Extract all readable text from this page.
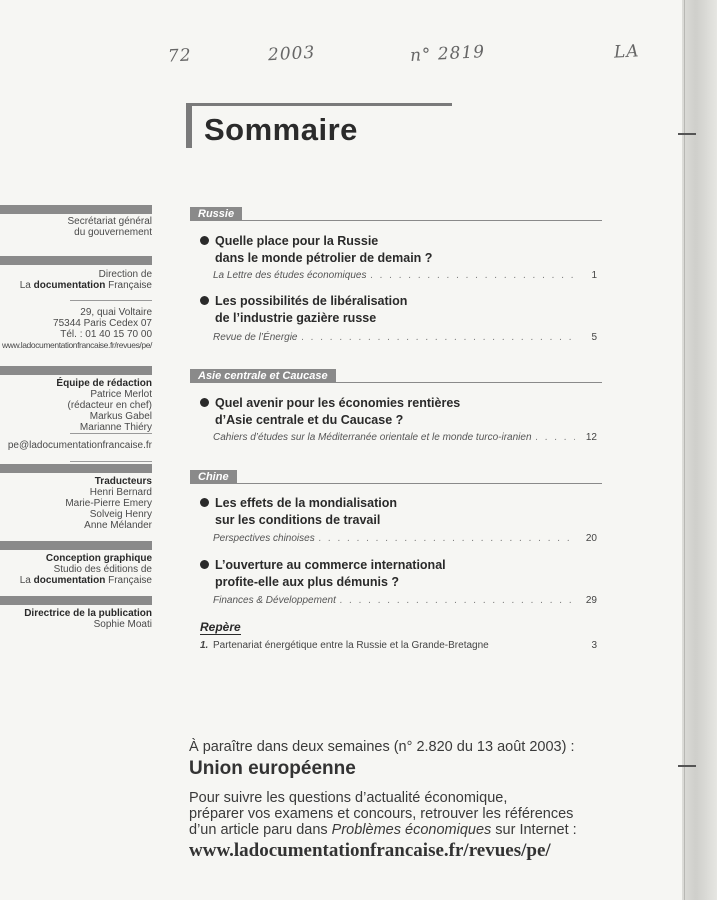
72	2003	n° 2819	LA
Sommaire
Secrétariat général
du gouvernement
Direction de
La documentation Française
29, quai Voltaire
75344 Paris Cedex 07
Tél. : 01 40 15 70 00
www.ladocumentationfrancaise.fr/revues/pe/
Équipe de rédaction
Patrice Merlot
(rédacteur en chef)
Markus Gabel
Marianne Thiéry
pe@ladocumentationfrancaise.fr
Traducteurs
Henri Bernard
Marie-Pierre Emery
Solveig Henry
Anne Mélander
Conception graphique
Studio des éditions de
La documentation Française
Directrice de la publication
Sophie Moati
Russie
Quelle place pour la Russie
dans le monde pétrolier de demain ?
La Lettre des études économiques . . .	1
Les possibilités de libéralisation
de l’industrie gazière russe
Revue de l’Énergie . . .	5
Asie centrale et Caucase
Quel avenir pour les économies rentières
d’Asie centrale et du Caucase ?
Cahiers d’études sur la Méditerranée orientale et le monde turco-iranien . . .	12
Chine
Les effets de la mondialisation
sur les conditions de travail
Perspectives chinoises . . .	20
L’ouverture au commerce international
profite-elle aux plus démunis ?
Finances & Développement . . .	29
Repère
1. Partenariat énergétique entre la Russie et la Grande-Bretagne	3
À paraître dans deux semaines (n° 2.820 du 13 août 2003) :
Union européenne
Pour suivre les questions d’actualité économique,
préparer vos examens et concours, retrouver les références
d’un article paru dans Problèmes économiques sur Internet :
www.ladocumentationfrancaise.fr/revues/pe/
